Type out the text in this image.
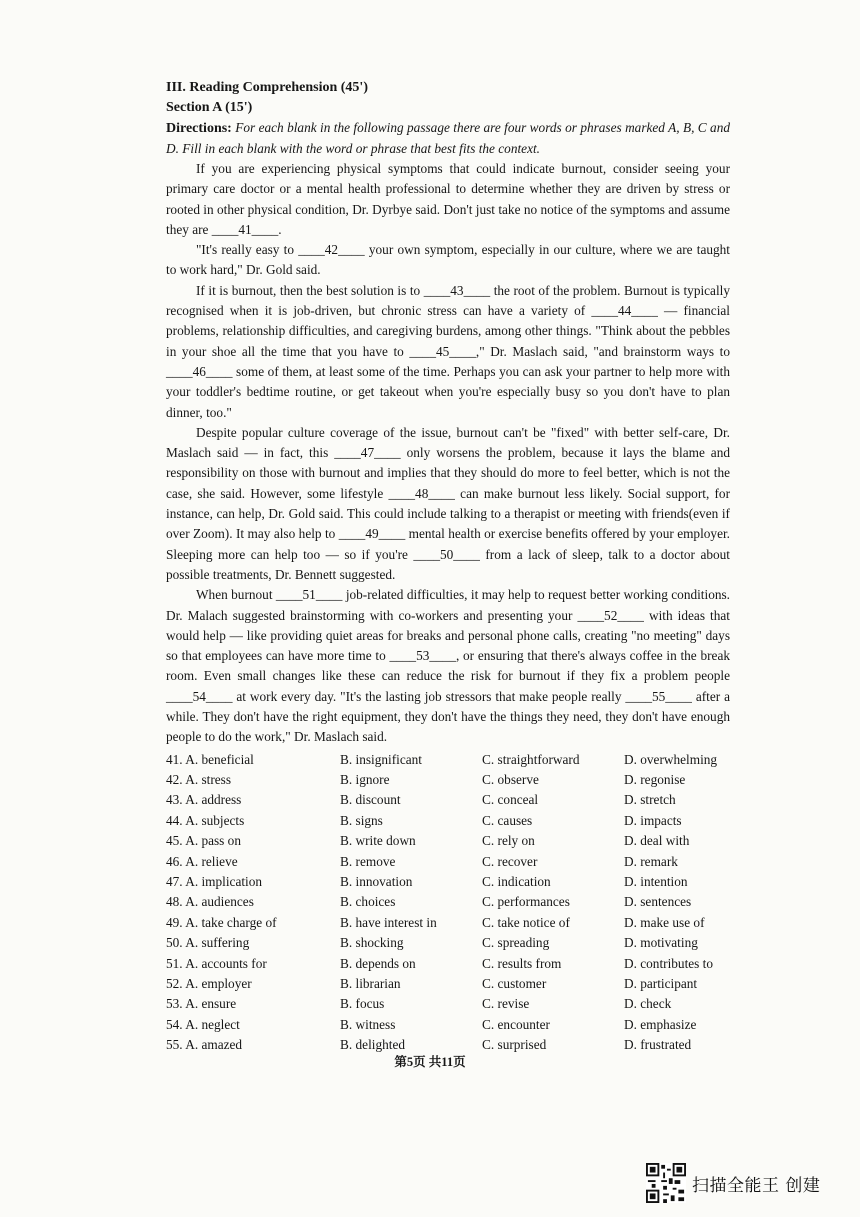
III. Reading Comprehension (45')
Section A (15')
Directions: For each blank in the following passage there are four words or phrases marked A, B, C and D. Fill in each blank with the word or phrase that best fits the context.

If you are experiencing physical symptoms that could indicate burnout, consider seeing your primary care doctor or a mental health professional to determine whether they are driven by stress or rooted in other physical condition, Dr. Dyrbye said. Don't just take no notice of the symptoms and assume they are ____41____.

"It's really easy to ____42____ your own symptom, especially in our culture, where we are taught to work hard," Dr. Gold said.

If it is burnout, then the best solution is to ____43____ the root of the problem. Burnout is typically recognised when it is job-driven, but chronic stress can have a variety of ____44____ — financial problems, relationship difficulties, and caregiving burdens, among other things. "Think about the pebbles in your shoe all the time that you have to ____45____," Dr. Maslach said, "and brainstorm ways to ____46____ some of them, at least some of the time. Perhaps you can ask your partner to help more with your toddler's bedtime routine, or get takeout when you're especially busy so you don't have to plan dinner, too."

Despite popular culture coverage of the issue, burnout can't be "fixed" with better self-care, Dr. Maslach said — in fact, this ____47____ only worsens the problem, because it lays the blame and responsibility on those with burnout and implies that they should do more to feel better, which is not the case, she said. However, some lifestyle ____48____ can make burnout less likely. Social support, for instance, can help, Dr. Gold said. This could include talking to a therapist or meeting with friends(even if over Zoom). It may also help to ____49____ mental health or exercise benefits offered by your employer. Sleeping more can help too — so if you're ____50____ from a lack of sleep, talk to a doctor about possible treatments, Dr. Bennett suggested.

When burnout ____51____ job-related difficulties, it may help to request better working conditions. Dr. Malach suggested brainstorming with co-workers and presenting your ____52____ with ideas that would help — like providing quiet areas for breaks and personal phone calls, creating "no meeting" days so that employees can have more time to ____53____, or ensuring that there's always coffee in the break room. Even small changes like these can reduce the risk for burnout if they fix a problem people ____54____ at work every day. "It's the lasting job stressors that make people really ____55____ after a while. They don't have the right equipment, they don't have the things they need, they don't have enough people to do the work," Dr. Maslach said.

41. A. beneficial	B. insignificant	C. straightforward	D. overwhelming
42. A. stress	B. ignore	C. observe	D. regonise
43. A. address	B. discount	C. conceal	D. stretch
44. A. subjects	B. signs	C. causes	D. impacts
45. A. pass on	B. write down	C. rely on	D. deal with
46. A. relieve	B. remove	C. recover	D. remark
47. A. implication	B. innovation	C. indication	D. intention
48. A. audiences	B. choices	C. performances	D. sentences
49. A. take charge of	B. have interest in	C. take notice of	D. make use of
50. A. suffering	B. shocking	C. spreading	D. motivating
51. A. accounts for	B. depends on	C. results from	D. contributes to
52. A. employer	B. librarian	C. customer	D. participant
53. A. ensure	B. focus	C. revise	D. check
54. A. neglect	B. witness	C. encounter	D. emphasize
55. A. amazed	B. delighted	C. surprised	D. frustrated
第5页 共11页
扫描全能王 创建
